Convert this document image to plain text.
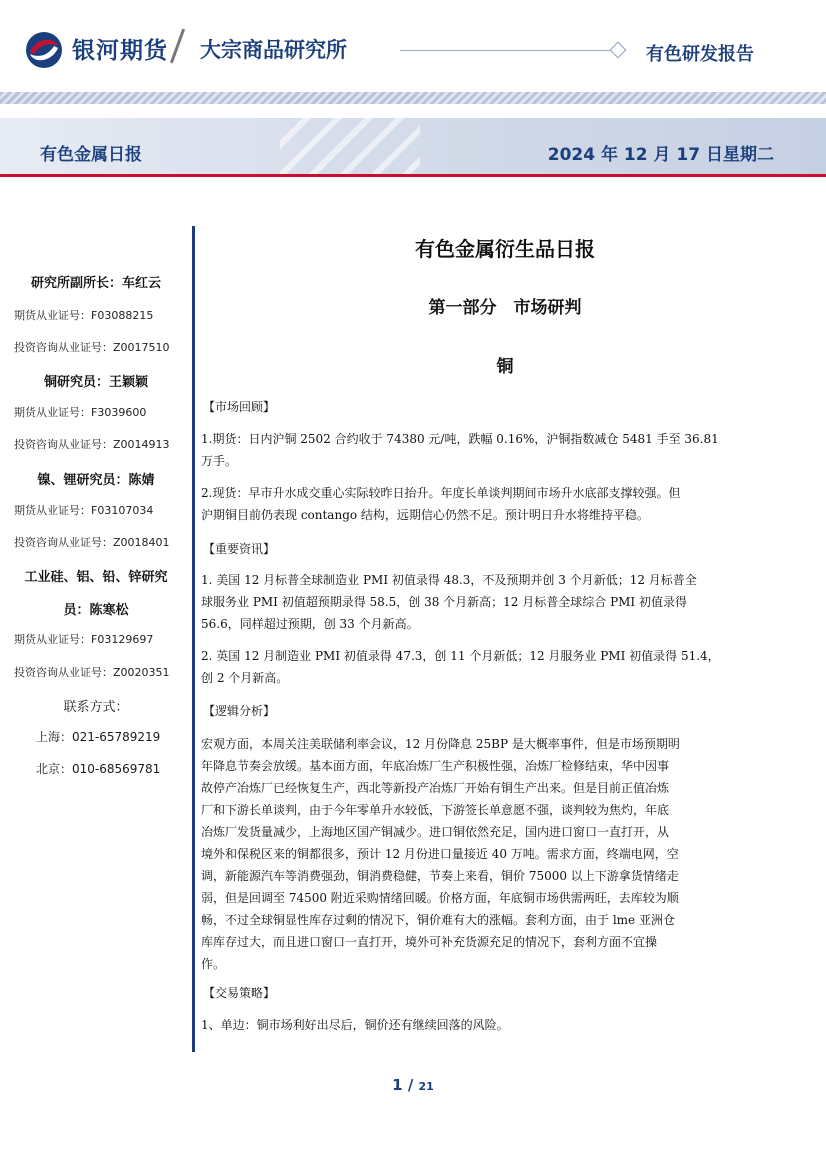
银河期货 大宗商品研究所	有色研发报告
有色金属日报	2024 年 12 月 17 日星期二
研究所副所长：车红云
期货从业证号：F03088215
投资咨询从业证号：Z0017510
铜研究员：王颖颖
期货从业证号：F3039600
投资咨询从业证号：Z0014913
镍、锂研究员：陈婧
期货从业证号：F03107034
投资咨询从业证号：Z0018401
工业硅、铝、铅、锌研究
员：陈寒松
期货从业证号：F03129697
投资咨询从业证号：Z0020351
联系方式：
上海：021-65789219
北京：010-68569781
有色金属衍生品日报
第一部分　市场研判
铜
【市场回顾】
1.期货：日内沪铜 2502 合约收于 74380 元/吨，跌幅 0.16%，沪铜指数减仓 5481 手至 36.81
万手。
2.现货：早市升水成交重心实际较昨日抬升。年度长单谈判期间市场升水底部支撑较强。但
沪期铜目前仍表现 contango 结构，远期信心仍然不足。预计明日升水将维持平稳。
【重要资讯】
1. 美国 12 月标普全球制造业 PMI 初值录得 48.3，不及预期并创 3 个月新低；12 月标普全
球服务业 PMI 初值超预期录得 58.5，创 38 个月新高；12 月标普全球综合 PMI 初值录得
56.6，同样超过预期，创 33 个月新高。
2. 英国 12 月制造业 PMI 初值录得 47.3，创 11 个月新低；12 月服务业 PMI 初值录得 51.4，
创 2 个月新高。
【逻辑分析】
宏观方面，本周关注美联储利率会议，12 月份降息 25BP 是大概率事件，但是市场预期明
年降息节奏会放缓。基本面方面，年底冶炼厂生产积极性强，冶炼厂检修结束，华中因事
故停产冶炼厂已经恢复生产，西北等新投产冶炼厂开始有铜生产出来。但是目前正值冶炼
厂和下游长单谈判，由于今年零单升水较低，下游签长单意愿不强，谈判较为焦灼，年底
冶炼厂发货量减少，上海地区国产铜减少。进口铜依然充足，国内进口窗口一直打开，从
境外和保税区来的铜都很多，预计 12 月份进口量接近 40 万吨。需求方面，终端电网，空
调，新能源汽车等消费强劲，铜消费稳健，节奏上来看，铜价 75000 以上下游拿货情绪走
弱，但是回调至 74500 附近采购情绪回暖。价格方面，年底铜市场供需两旺，去库较为顺
畅，不过全球铜显性库存过剩的情况下，铜价难有大的涨幅。套利方面，由于 lme 亚洲仓
库库存过大，而且进口窗口一直打开，境外可补充货源充足的情况下，套利方面不宜操
作。
【交易策略】
1、单边：铜市场利好出尽后，铜价还有继续回落的风险。
1 / 21
